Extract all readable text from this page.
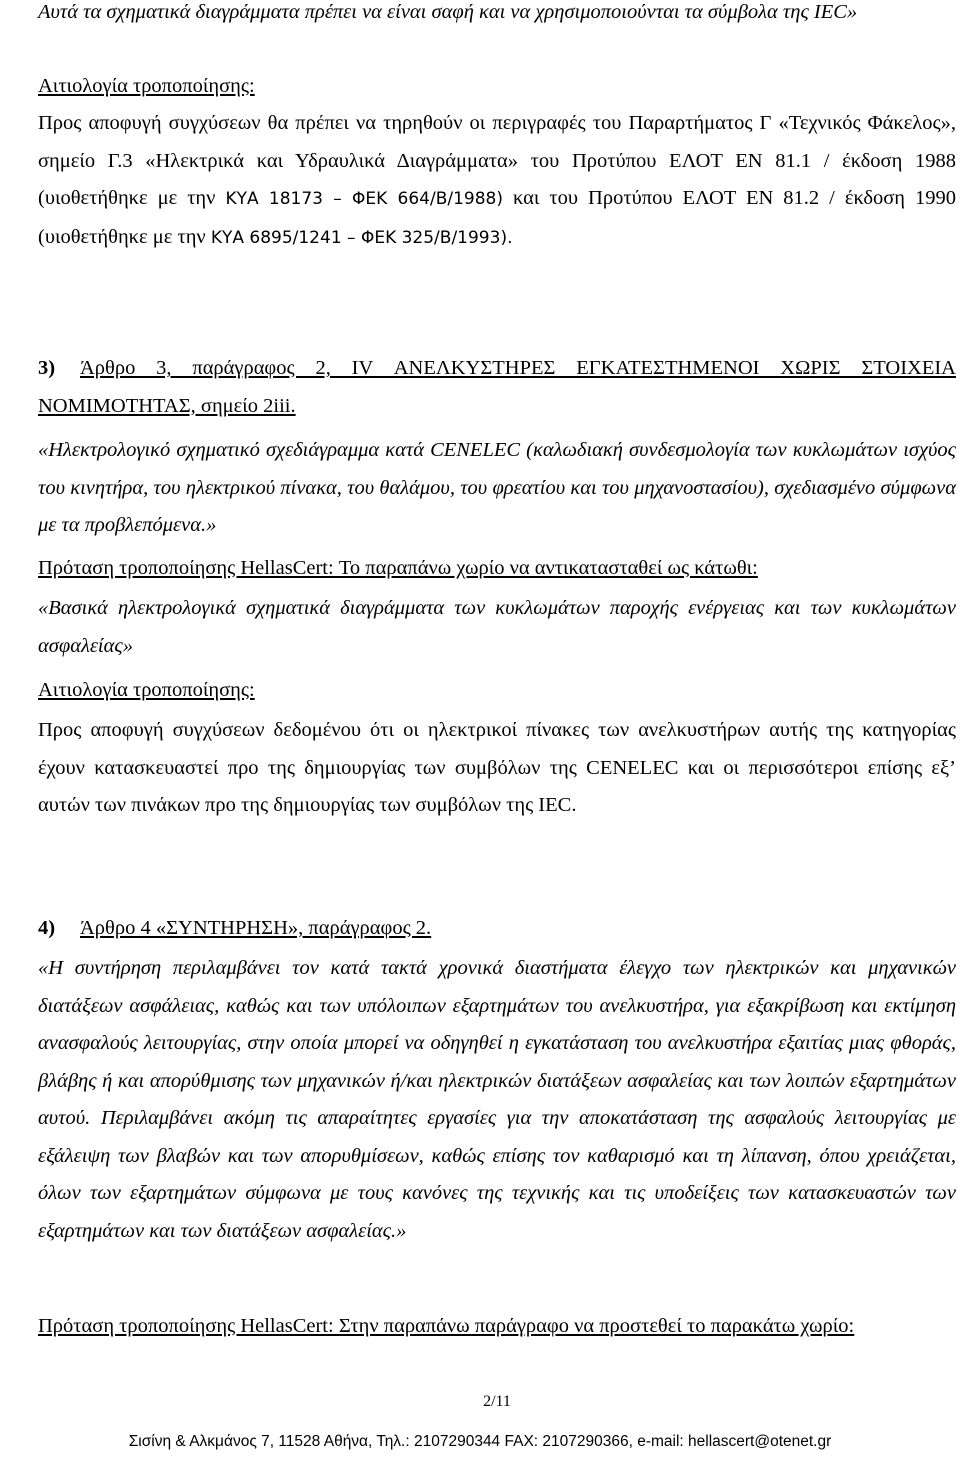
Αυτά τα σχηματικά διαγράμματα πρέπει να είναι σαφή και να χρησιμοποιούνται τα σύμβολα της IEC»
Αιτιολογία τροποποίησης:
Προς αποφυγή συγχύσεων θα πρέπει να τηρηθούν οι περιγραφές του Παραρτήματος Γ «Τεχνικός Φάκελος», σημείο Γ.3 «Ηλεκτρικά και Υδραυλικά Διαγράμματα» του Προτύπου ΕΛΟΤ ΕΝ 81.1 / έκδοση 1988 (υιοθετήθηκε με την ΚΥΑ 18173 – ΦΕΚ 664/Β/1988) και του Προτύπου ΕΛΟΤ ΕΝ 81.2 / έκδοση 1990 (υιοθετήθηκε με την ΚΥΑ 6895/1241 – ΦΕΚ 325/Β/1993).
3) Άρθρο 3, παράγραφος 2, IV ΑΝΕΛΚΥΣΤΗΡΕΣ ΕΓΚΑΤΕΣΤΗΜΕΝΟΙ ΧΩΡΙΣ ΣΤΟΙΧΕΙΑ ΝΟΜΙΜΟΤΗΤΑΣ, σημείο 2iii.
«Ηλεκτρολογικό σχηματικό σχεδιάγραμμα κατά CENELEC (καλωδιακή συνδεσμολογία των κυκλωμάτων ισχύος του κινητήρα, του ηλεκτρικού πίνακα, του θαλάμου, του φρεατίου και του μηχανοστασίου), σχεδιασμένο σύμφωνα με τα προβλεπόμενα.»
Πρόταση τροποποίησης HellasCert: Το παραπάνω χωρίο να αντικατασταθεί ως κάτωθι:
«Βασικά ηλεκτρολογικά σχηματικά διαγράμματα των κυκλωμάτων παροχής ενέργειας και των κυκλωμάτων ασφαλείας»
Αιτιολογία τροποποίησης:
Προς αποφυγή συγχύσεων δεδομένου ότι οι ηλεκτρικοί πίνακες των ανελκυστήρων αυτής της κατηγορίας έχουν κατασκευαστεί προ της δημιουργίας των συμβόλων της CENELEC και οι περισσότεροι επίσης εξ’ αυτών των πινάκων προ της δημιουργίας των συμβόλων της IEC.
4) Άρθρο 4 «ΣΥΝΤΗΡΗΣΗ», παράγραφος 2.
«Η συντήρηση περιλαμβάνει τον κατά τακτά χρονικά διαστήματα έλεγχο των ηλεκτρικών και μηχανικών διατάξεων ασφάλειας, καθώς και των υπόλοιπων εξαρτημάτων του ανελκυστήρα, για εξακρίβωση και εκτίμηση ανασφαλούς λειτουργίας, στην οποία μπορεί να οδηγηθεί η εγκατάσταση του ανελκυστήρα εξαιτίας μιας φθοράς, βλάβης ή και απορύθμισης των μηχανικών ή/και ηλεκτρικών διατάξεων ασφαλείας και των λοιπών εξαρτημάτων αυτού. Περιλαμβάνει ακόμη τις απαραίτητες εργασίες για την αποκατάσταση της ασφαλούς λειτουργίας με εξάλειψη των βλαβών και των απορυθμίσεων, καθώς επίσης τον καθαρισμό και τη λίπανση, όπου χρειάζεται, όλων των εξαρτημάτων σύμφωνα με τους κανόνες της τεχνικής και τις υποδείξεις των κατασκευαστών των εξαρτημάτων και των διατάξεων ασφαλείας.»
Πρόταση τροποποίησης HellasCert: Στην παραπάνω παράγραφο να προστεθεί το παρακάτω χωρίο:
2/11
Σισίνη & Αλκμάνος 7, 11528 Αθήνα, Τηλ.: 2107290344 FAX: 2107290366, e-mail: hellascert@otenet.gr
